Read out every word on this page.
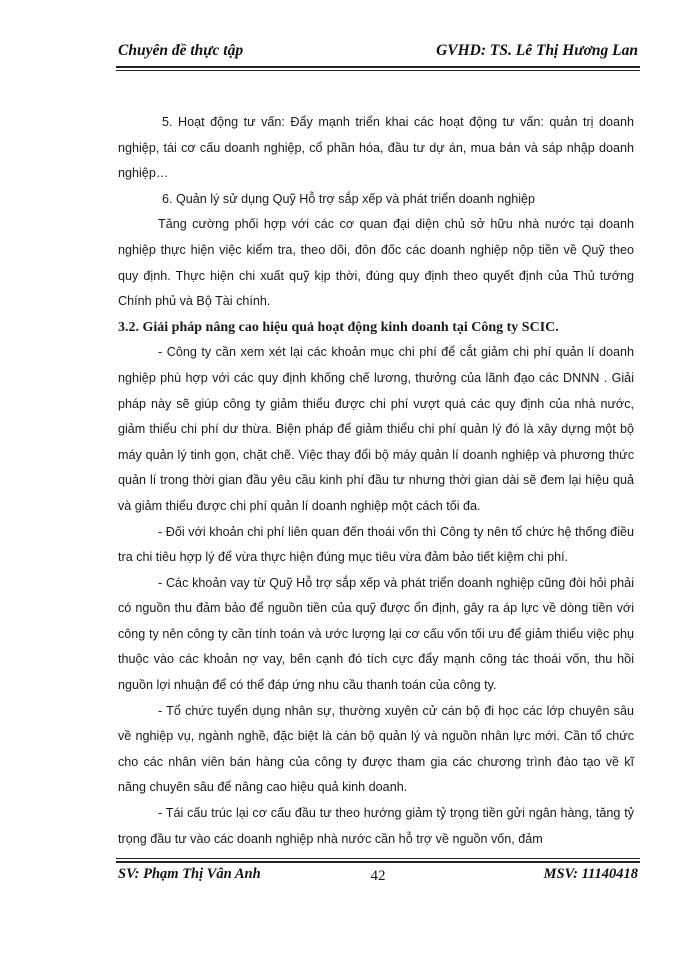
Chuyên đề thực tập	GVHD: TS. Lê Thị Hương Lan

5. Hoạt động tư vấn: Đẩy mạnh triển khai các hoạt động tư vấn: quản trị doanh nghiệp, tái cơ cấu doanh nghiệp, cổ phần hóa, đầu tư dự án, mua bán và sáp nhập doanh nghiệp…

6. Quản lý sử dụng Quỹ Hỗ trợ sắp xếp và phát triển doanh nghiệp

Tăng cường phối hợp với các cơ quan đại diện chủ sở hữu nhà nước tại doanh nghiệp thực hiện việc kiểm tra, theo dõi, đôn đốc các doanh nghiệp nộp tiền về Quỹ theo quy định. Thực hiện chi xuất quỹ kịp thời, đúng quy định theo quyết định của Thủ tướng Chính phủ và Bộ Tài chính.

3.2. Giải pháp nâng cao hiệu quả hoạt động kinh doanh tại Công ty SCIC.

- Công ty cần xem xét lại các khoản mục chi phí để cắt giảm chi phí quản lí doanh nghiệp phù hợp với các quy định khống chế lương, thưởng của lãnh đạo các DNNN . Giải pháp này sẽ giúp công ty giảm thiểu được chi phí vượt quá các quy định của nhà nước, giảm thiểu chi phí dư thừa. Biện pháp để giảm thiểu chi phí quản lý đó là xây dựng một bộ máy quản lý tinh gọn, chặt chẽ. Việc thay đổi bộ máy quản lí doanh nghiệp và phương thức quản lí trong thời gian đầu yêu cầu kinh phí đầu tư nhưng thời gian dài sẽ đem lại hiệu quả và giảm thiểu được chi phí quản lí doanh nghiệp một cách tối đa.

- Đối với khoản chi phí liên quan đến thoái vốn thì Công ty nên tổ chức hệ thống điều tra chi tiêu hợp lý để vừa thực hiện đúng mục tiêu vừa đảm bảo tiết kiệm chi phí.

- Các khoản vay từ Quỹ Hỗ trợ sắp xếp và phát triển doanh nghiệp cũng đòi hỏi phải có nguồn thu đảm bảo để nguồn tiền của quỹ được ổn định, gây ra áp lực về dòng tiền với công ty nên công ty cần tính toán và ước lượng lại cơ cấu vốn tối ưu để giảm thiểu việc phụ thuộc vào các khoản nợ vay, bên cạnh đó tích cực đẩy mạnh công tác thoái vốn, thu hồi nguồn lợi nhuận để có thể đáp ứng nhu cầu thanh toán của công ty.

- Tổ chức tuyển dụng nhân sự, thường xuyên cử cán bộ đi học các lớp chuyên sâu về nghiệp vụ, ngành nghề, đặc biệt là cán bộ quản lý và nguồn nhân lực mới. Cần tổ chức cho các nhân viên bán hàng của công ty được tham gia các chương trình đào tạo về kĩ năng chuyên sâu để nâng cao hiệu quả kinh doanh.

- Tái cấu trúc lại cơ cấu đầu tư theo hướng giảm tỷ trọng tiền gửi ngân hàng, tăng tỷ trọng đầu tư vào các doanh nghiệp nhà nước cần hỗ trợ về nguồn vốn, đảm

SV: Phạm Thị Vân Anh	42	MSV: 11140418
